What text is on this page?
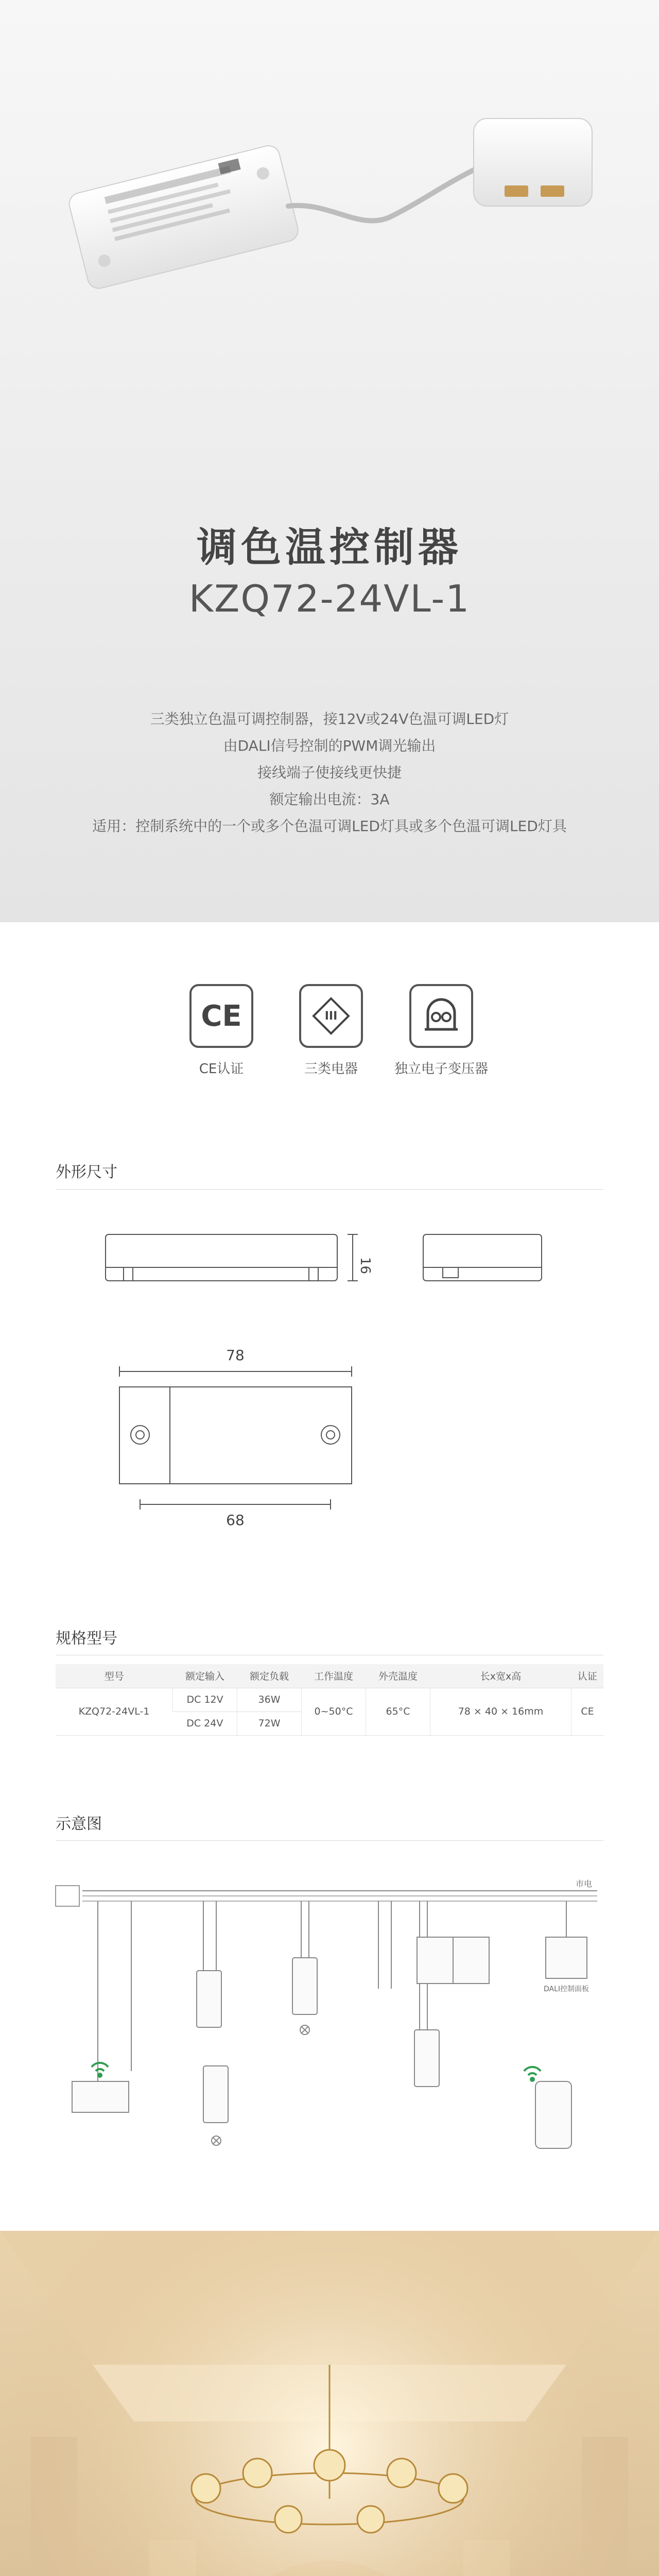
调色温控制器
KZQ72-24VL-1

三类独立色温可调控制器，接12V或24V色温可调LED灯

由DALI信号控制的PWM调光输出

接线端子使接线更快捷

额定输出电流：3A

适用：控制系统中的一个或多个色温可调LED灯具或多个色温可调LED灯具

CE
CE认证
III
三类电器	独立电子变压器
外形尺寸
16
78
68
规格型号
型号	额定输入	额定负载	工作温度	外壳温度	长x宽x高	认证
KZQ72-24VL-1	DC 12V	36W	0~50°C	65°C	78 × 40 × 16mm	CE
	DC 24V	72W				
示意图
市电
DALI控制面板
